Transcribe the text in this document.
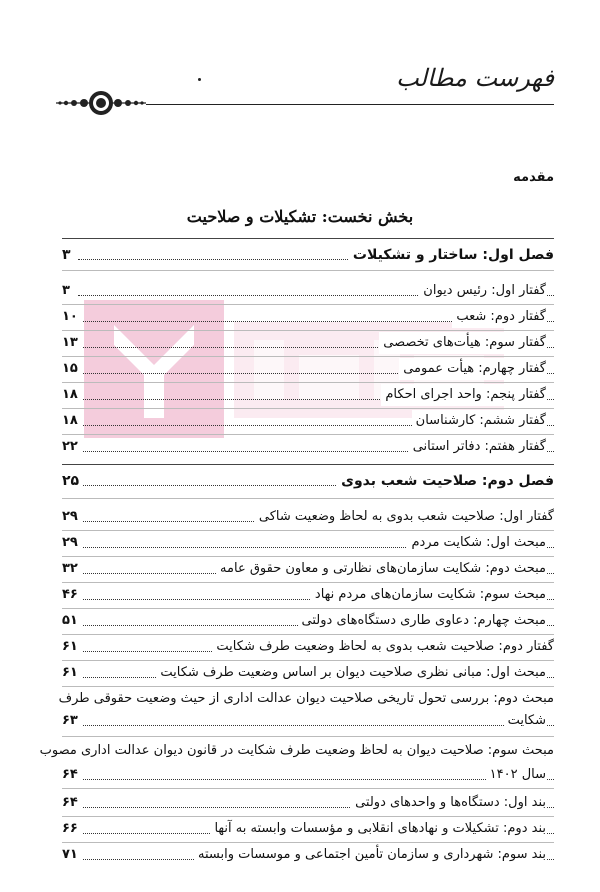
فهرست مطالب
مقدمه
بخش نخست: تشکیلات و صلاحیت
فصل اول: ساختار و تشکیلات
۳
گفتار اول: رئیس دیوان
۳
گفتار دوم: شعب
۱۰
گفتار سوم: هیأت‌های تخصصی
۱۳
گفتار چهارم: هیأت عمومی
۱۵
گفتار پنجم: واحد اجرای احکام
۱۸
گفتار ششم: کارشناسان
۱۸
گفتار هفتم: دفاتر استانی
۲۲
فصل دوم: صلاحیت شعب بدوی
۲۵
گفتار اول: صلاحیت شعب بدوی به لحاظ وضعیت شاکی
۲۹
مبحث اول: شکایت مردم
۲۹
مبحث دوم: شکایت سازمان‌های نظارتی و معاون حقوق عامه
۳۲
مبحث سوم: شکایت سازمان‌های مردم نهاد
۴۶
مبحث چهارم: دعاوی طاری دستگاه‌های دولتی
۵۱
گفتار دوم: صلاحیت شعب بدوی به لحاظ وضعیت طرف شکایت
۶۱
مبحث اول: مبانی نظری صلاحیت دیوان بر اساس وضعیت طرف شکایت
۶۱
مبحث دوم: بررسی تحول تاریخی صلاحیت دیوان عدالت اداری از حیث وضعیت حقوقی طرف
شکایت
۶۳
مبحث سوم: صلاحیت دیوان به لحاظ وضعیت طرف شکایت در قانون دیوان عدالت اداری مصوب
سال ۱۴۰۲
۶۴
بند اول: دستگاه‌ها و واحدهای دولتی
۶۴
بند دوم: تشکیلات و نهادهای انقلابی و مؤسسات وابسته به آنها
۶۶
بند سوم: شهرداری و سازمان تأمین اجتماعی و موسسات وابسته
۷۱
